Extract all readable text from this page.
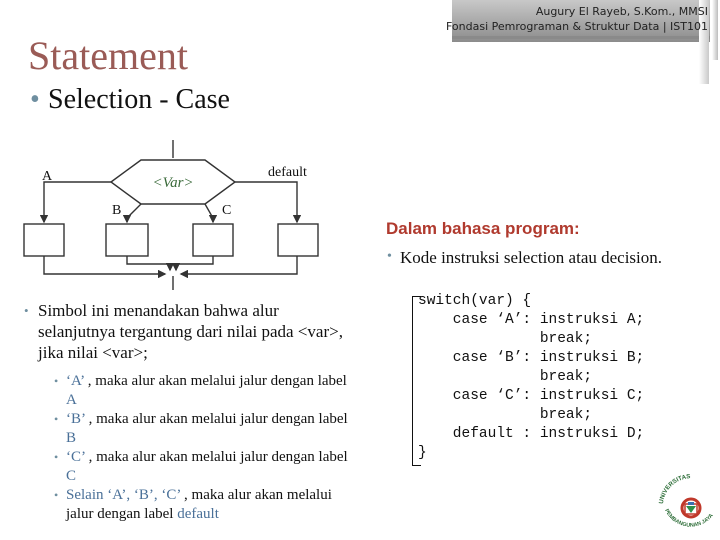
Augury El Rayeb, S.Kom., MMSI
Fondasi Pemrograman & Struktur Data | IST101
Statement
• Selection - Case
A	<Var>
default
B	C
Dalam bahasa program:
• Kode instruksi selection atau decision.
switch(var) {
case ‘A’: instruksi A;
break;
case ‘B’: instruksi B;
break;
case ‘C’: instruksi C;
break;
default : instruksi D;
}
• Simbol ini menandakan bahwa alur selanjutnya tergantung dari nilai pada <var>, jika nilai <var>;
• ‘A’ , maka alur akan melalui jalur dengan label A
• ‘B’ , maka alur akan melalui jalur dengan label B
• ‘C’ , maka alur akan melalui jalur dengan label C
• Selain ‘A’, ‘B’, ‘C’ , maka alur akan melalui jalur dengan label default
UNIVERSITAS
PEMBANGUNAN JAYA
